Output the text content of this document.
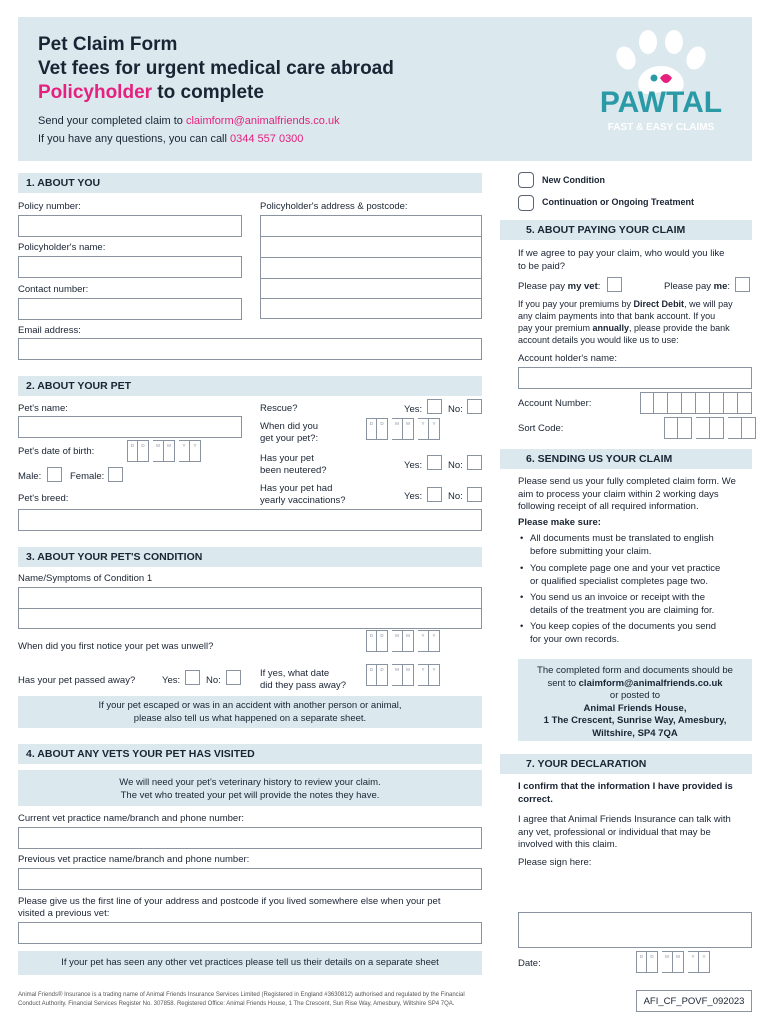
Pet Claim Form
Vet fees for urgent medical care abroad
Policyholder to complete
Send your completed claim to claimform@animalfriends.co.uk
If you have any questions, you can call 0344 557 0300
PAWTAL
FAST & EASY CLAIMS
1. ABOUT YOU
Policy number:	Policyholder's address & postcode:
Policyholder's name:
Contact number:
Email address:
2. ABOUT YOUR PET
Pet's name:	Rescue?	Yes:	No:
When did you
get your pet?:
D	D	M	M	Y	Y
Pet's date of birth:
D	D	M	M	Y	Y
Male:	Female:
Has your pet
been neutered?	Yes:	No:
Pet's breed:
Has your pet had
yearly vaccinations?	Yes:	No:
3. ABOUT YOUR PET'S CONDITION
Name/Symptoms of Condition 1
When did you first notice your pet was unwell?
D	D	M	M	Y	Y
Has your pet passed away?	Yes:	No:
If yes, what date
did they pass away?
D	D	M	M	Y	Y
If your pet escaped or was in an accident with another person or animal,
please also tell us what happened on a separate sheet.
4. ABOUT ANY VETS YOUR PET HAS VISITED
We will need your pet's veterinary history to review your claim.
The vet who treated your pet will provide the notes they have.
Current vet practice name/branch and phone number:
Previous vet practice name/branch and phone number:
Please give us the first line of your address and postcode if you lived somewhere else when your pet
visited a previous vet:
If your pet has seen any other vet practices please tell us their details on a separate sheet
New Condition
Continuation or Ongoing Treatment
5. ABOUT PAYING YOUR CLAIM
If we agree to pay your claim, who would you like
to be paid?
Please pay my vet:	Please pay me:
If you pay your premiums by Direct Debit, we will pay
any claim payments into that bank account. If you
pay your premium annually, please provide the bank
account details you would like us to use:
Account holder's name:
Account Number:
Sort Code:
6. SENDING US YOUR CLAIM
Please send us your fully completed claim form. We
aim to process your claim within 2 working days
following receipt of all required information.
Please make sure:
• All documents must be translated to english
before submitting your claim.
• You complete page one and your vet practice
or qualified specialist completes page two.
• You send us an invoice or receipt with the
details of the treatment you are claiming for.
• You keep copies of the documents you send
for your own records.
The completed form and documents should be
sent to claimform@animalfriends.co.uk
or posted to
Animal Friends House,
1 The Crescent, Sunrise Way, Amesbury,
Wiltshire, SP4 7QA
7. YOUR DECLARATION
I confirm that the information I have provided is
correct.
I agree that Animal Friends Insurance can talk with
any vet, professional or individual that may be
involved with this claim.
Please sign here:
Date:
D	D	M	M	Y	Y
Animal Friends® Insurance is a trading name of Animal Friends Insurance Services Limited (Registered in England #3630812) authorised and regulated by the Financial
Conduct Authority. Financial Services Register No. 307858. Registered Office: Animal Friends House, 1 The Crescent, Sun Rise Way, Amesbury, Wiltshire SP4 7QA.	AFI_CF_POVF_092023
